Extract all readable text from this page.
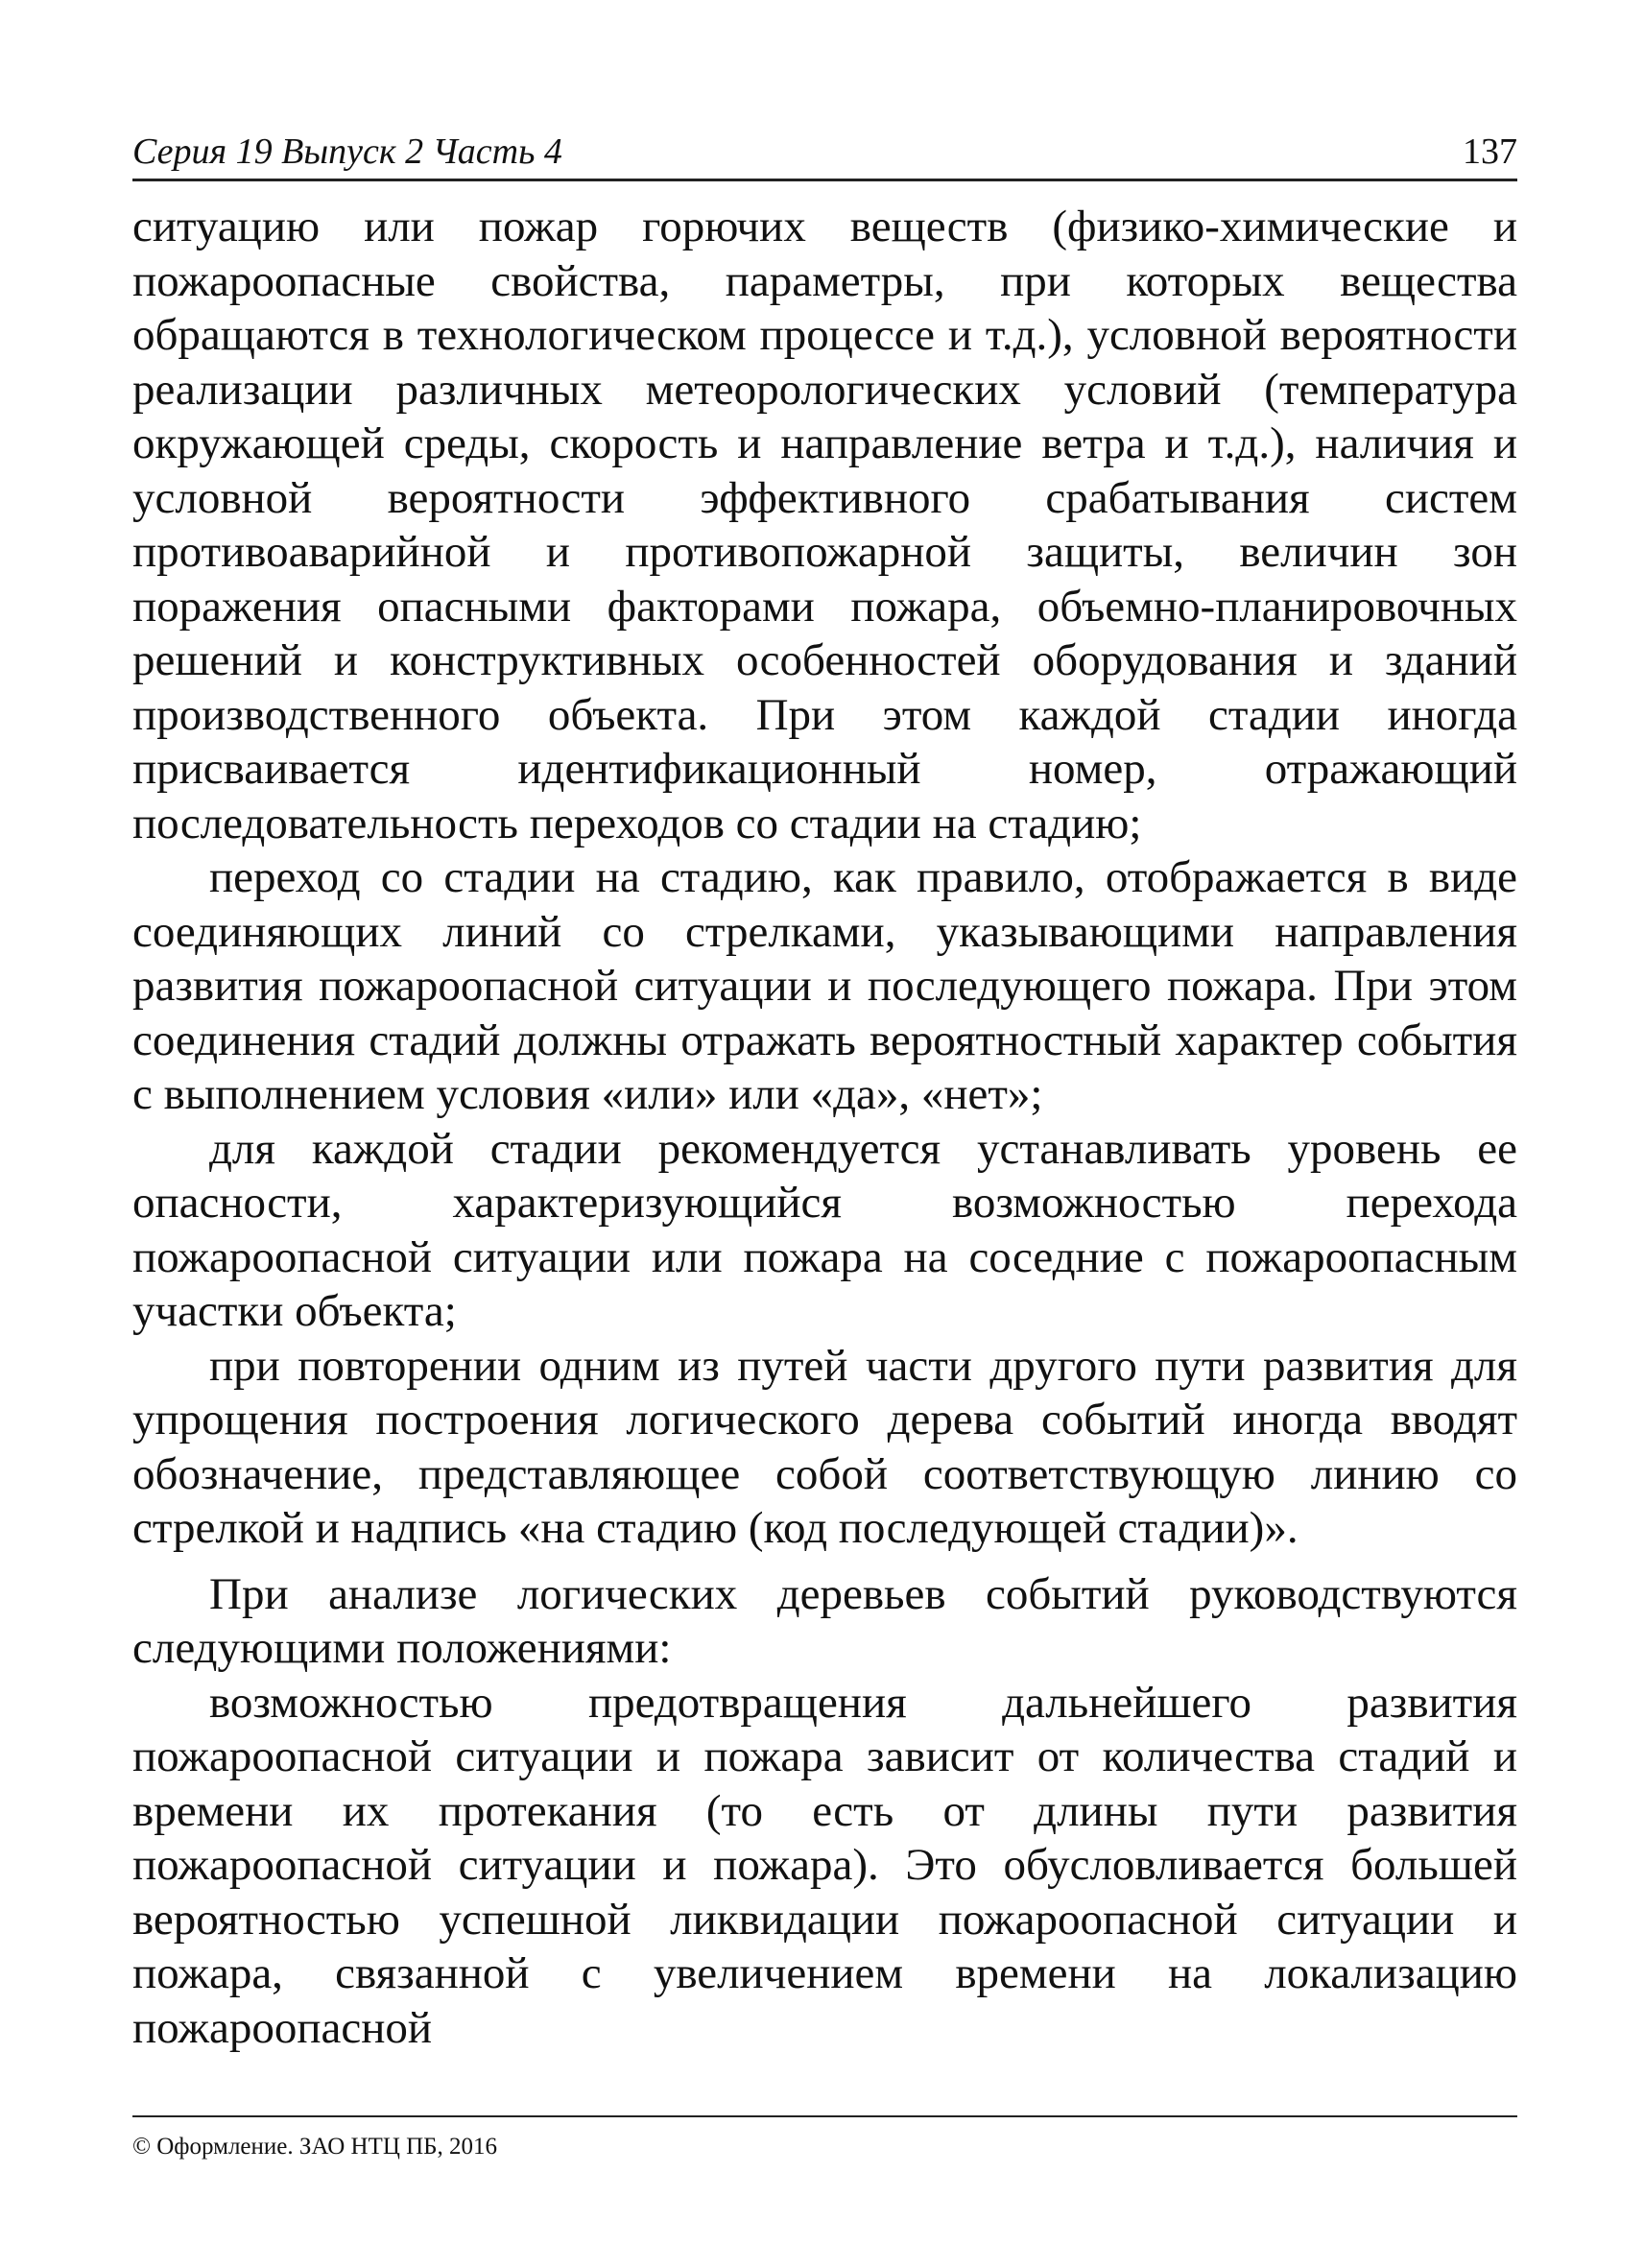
Серия 19 Выпуск 2 Часть 4	137

ситуацию или пожар горючих веществ (физико-химические и пожароопасные свойства, параметры, при которых вещества обращаются в технологическом процессе и т.д.), условной вероятности реализации различных метеорологических условий (температура окружающей среды, скорость и направление ветра и т.д.), наличия и условной вероятности эффективного срабатывания систем противоаварийной и противопожарной защиты, величин зон поражения опасными факторами пожара, объемно-планировочных решений и конструктивных особенностей оборудования и зданий производственного объекта. При этом каждой стадии иногда присваивается идентификационный номер, отражающий последовательность переходов со стадии на стадию;

переход со стадии на стадию, как правило, отображается в виде соединяющих линий со стрелками, указывающими направления развития пожароопасной ситуации и последующего пожара. При этом соединения стадий должны отражать вероятностный характер события с выполнением условия «или» или «да», «нет»;

для каждой стадии рекомендуется устанавливать уровень ее опасности, характеризующийся возможностью перехода пожароопасной ситуации или пожара на соседние с пожароопасным участки объекта;

при повторении одним из путей части другого пути развития для упрощения построения логического дерева событий иногда вводят обозначение, представляющее собой соответствующую линию со стрелкой и надпись «на стадию (код последующей стадии)».

При анализе логических деревьев событий руководствуются следующими положениями:

возможностью предотвращения дальнейшего развития пожароопасной ситуации и пожара зависит от количества стадий и времени их протекания (то есть от длины пути развития пожароопасной ситуации и пожара). Это обусловливается большей вероятностью успешной ликвидации пожароопасной ситуации и пожара, связанной с увеличением времени на локализацию пожароопасной

© Оформление. ЗАО НТЦ ПБ, 2016
